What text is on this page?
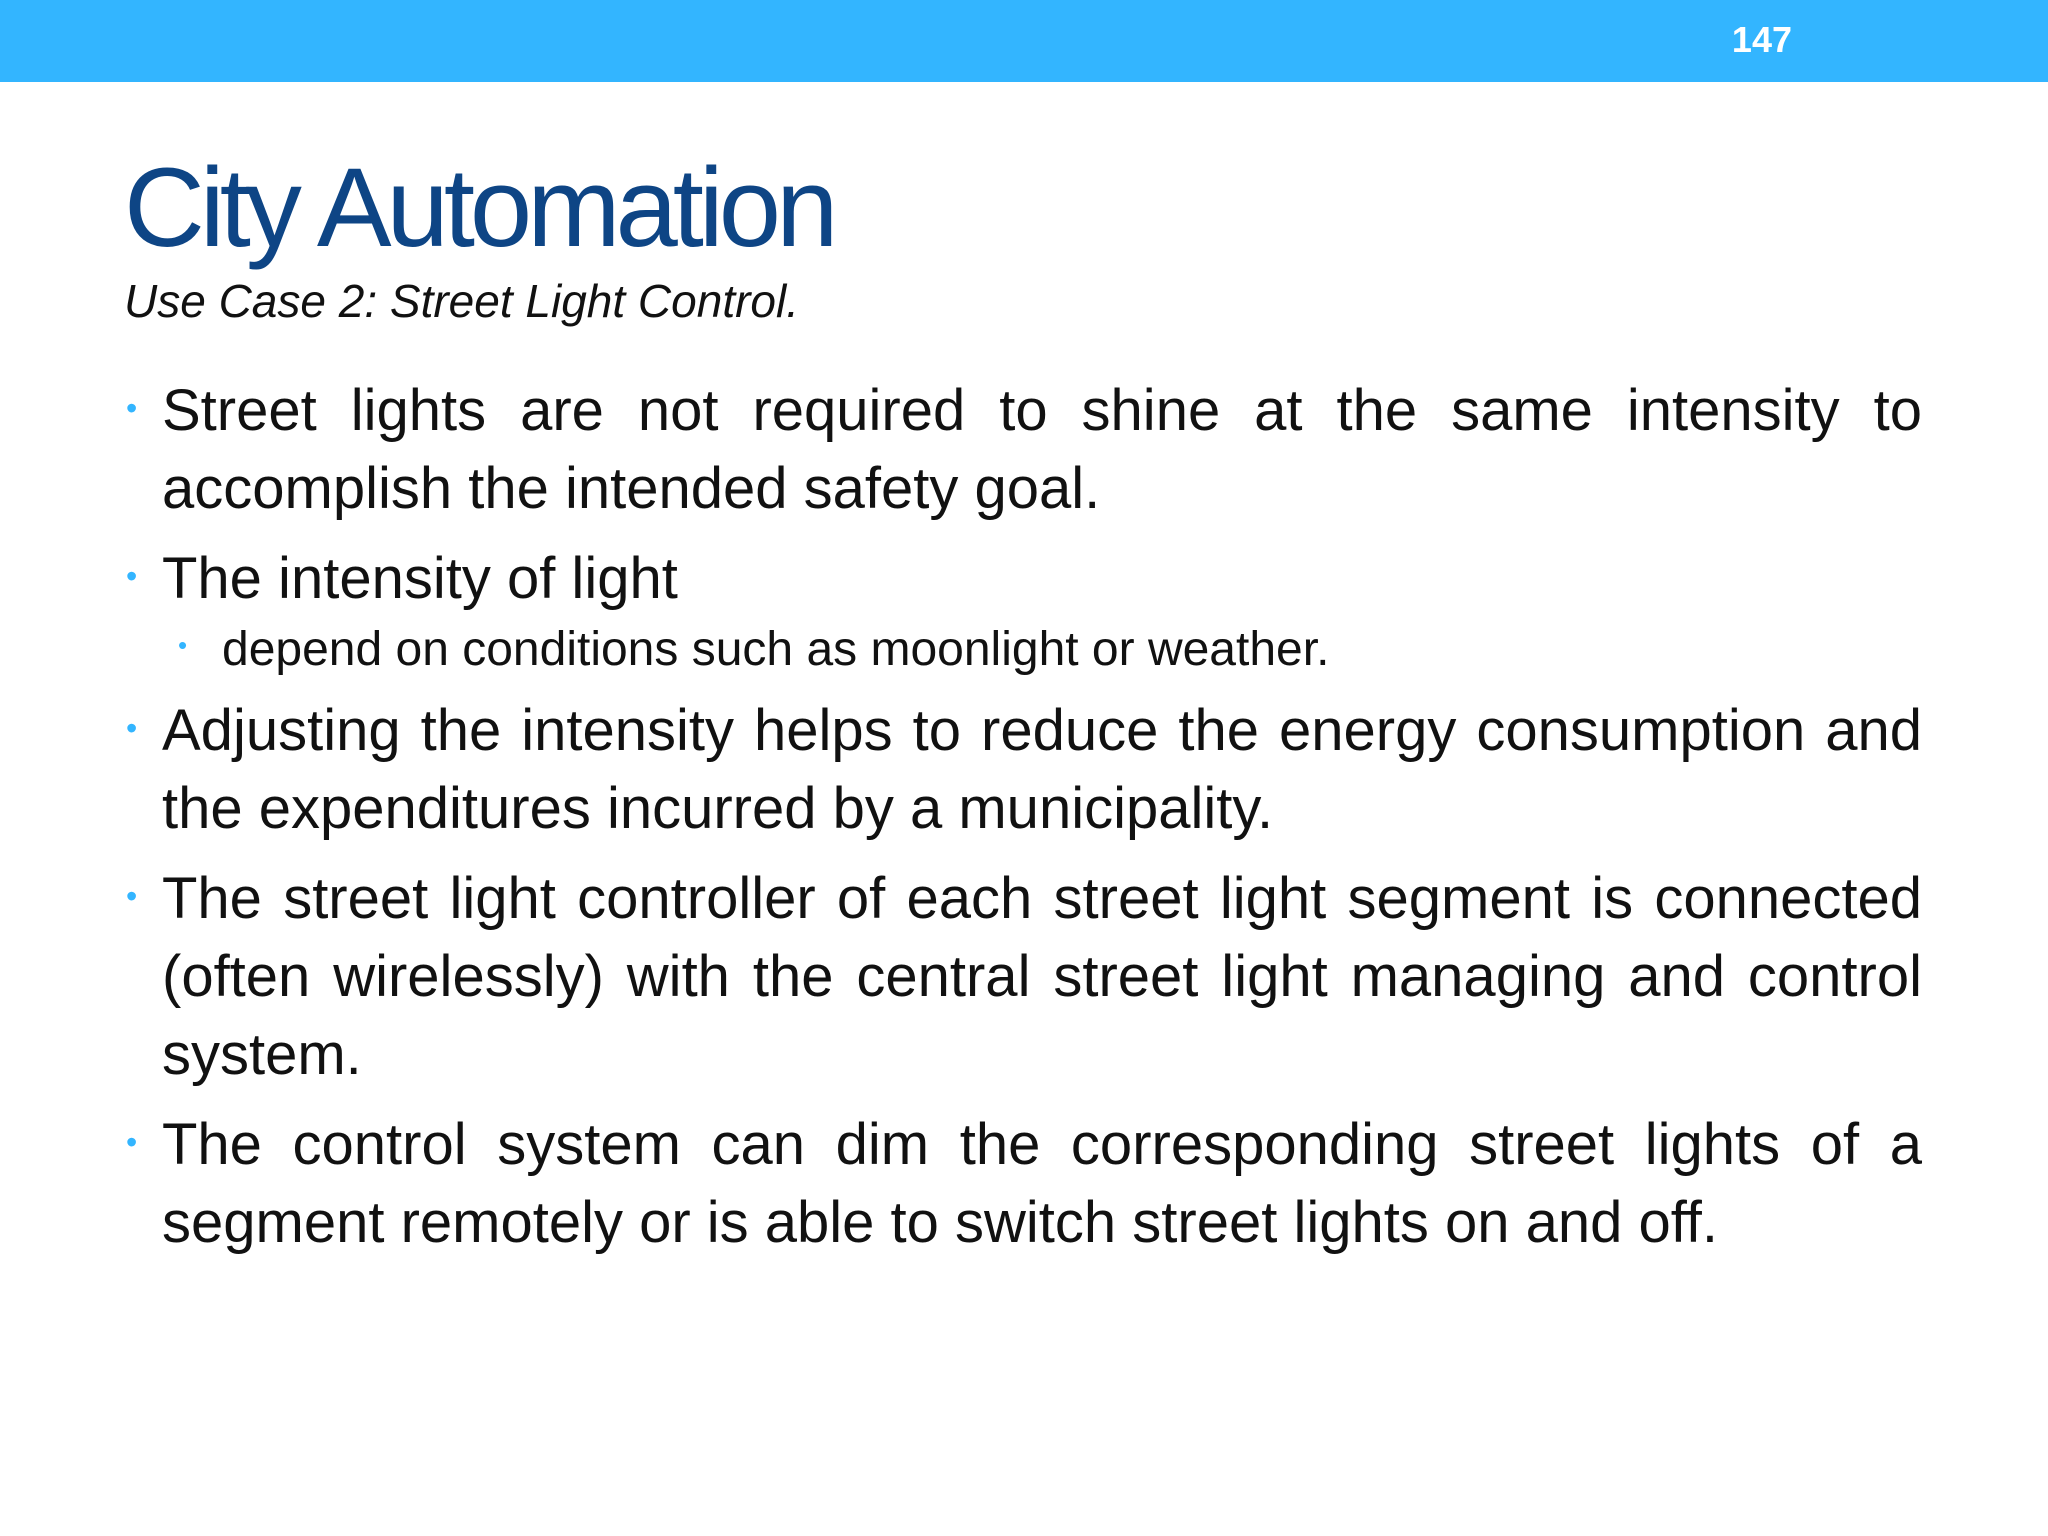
147
City Automation

Use Case 2: Street Light Control.

• Street lights are not required to shine at the same intensity to accomplish the intended safety goal.
• The intensity of light
• depend on conditions such as moonlight or weather.
• Adjusting the intensity helps to reduce the energy consumption and the expenditures incurred by a municipality.
• The street light controller of each street light segment is connected (often wirelessly) with the central street light managing and control system.
• The control system can dim the corresponding street lights of a segment remotely or is able to switch street lights on and off.
